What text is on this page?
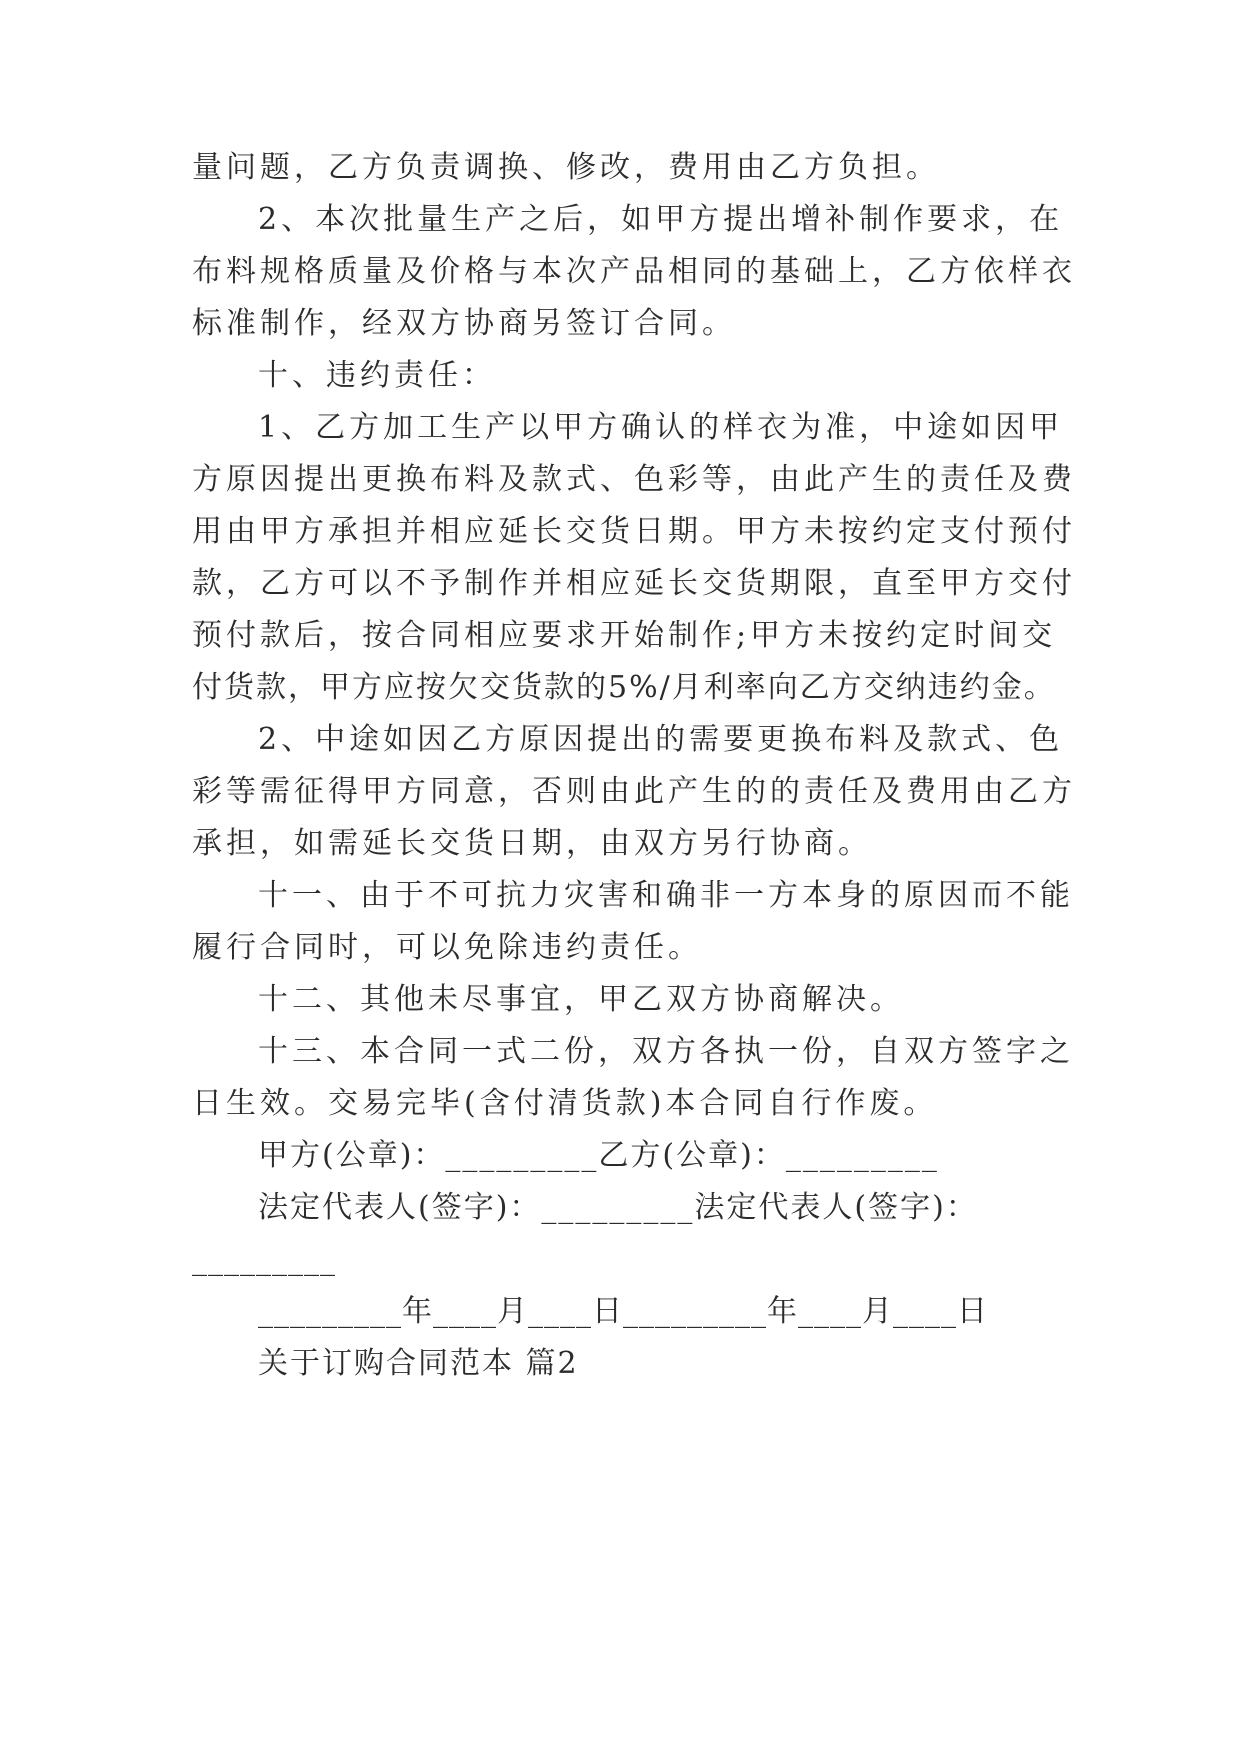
量问题，乙方负责调换、修改，费用由乙方负担。

2、本次批量生产之后，如甲方提出增补制作要求，在

布料规格质量及价格与本次产品相同的基础上，乙方依样衣

标准制作，经双方协商另签订合同。

十、违约责任：

1、乙方加工生产以甲方确认的样衣为准，中途如因甲

方原因提出更换布料及款式、色彩等，由此产生的责任及费

用由甲方承担并相应延长交货日期。甲方未按约定支付预付

款，乙方可以不予制作并相应延长交货期限，直至甲方交付

预付款后，按合同相应要求开始制作;甲方未按约定时间交

付货款，甲方应按欠交货款的5%/月利率向乙方交纳违约金。

2、中途如因乙方原因提出的需要更换布料及款式、色

彩等需征得甲方同意，否则由此产生的的责任及费用由乙方

承担，如需延长交货日期，由双方另行协商。

十一、由于不可抗力灾害和确非一方本身的原因而不能

履行合同时，可以免除违约责任。

十二、其他未尽事宜，甲乙双方协商解决。

十三、本合同一式二份，双方各执一份，自双方签字之

日生效。交易完毕(含付清货款)本合同自行作废。

甲方(公章)：_________乙方(公章)：_________

法定代表人(签字)：_________法定代表人(签字)：

_________

_________年____月____日_________年____月____日

关于订购合同范本 篇2
